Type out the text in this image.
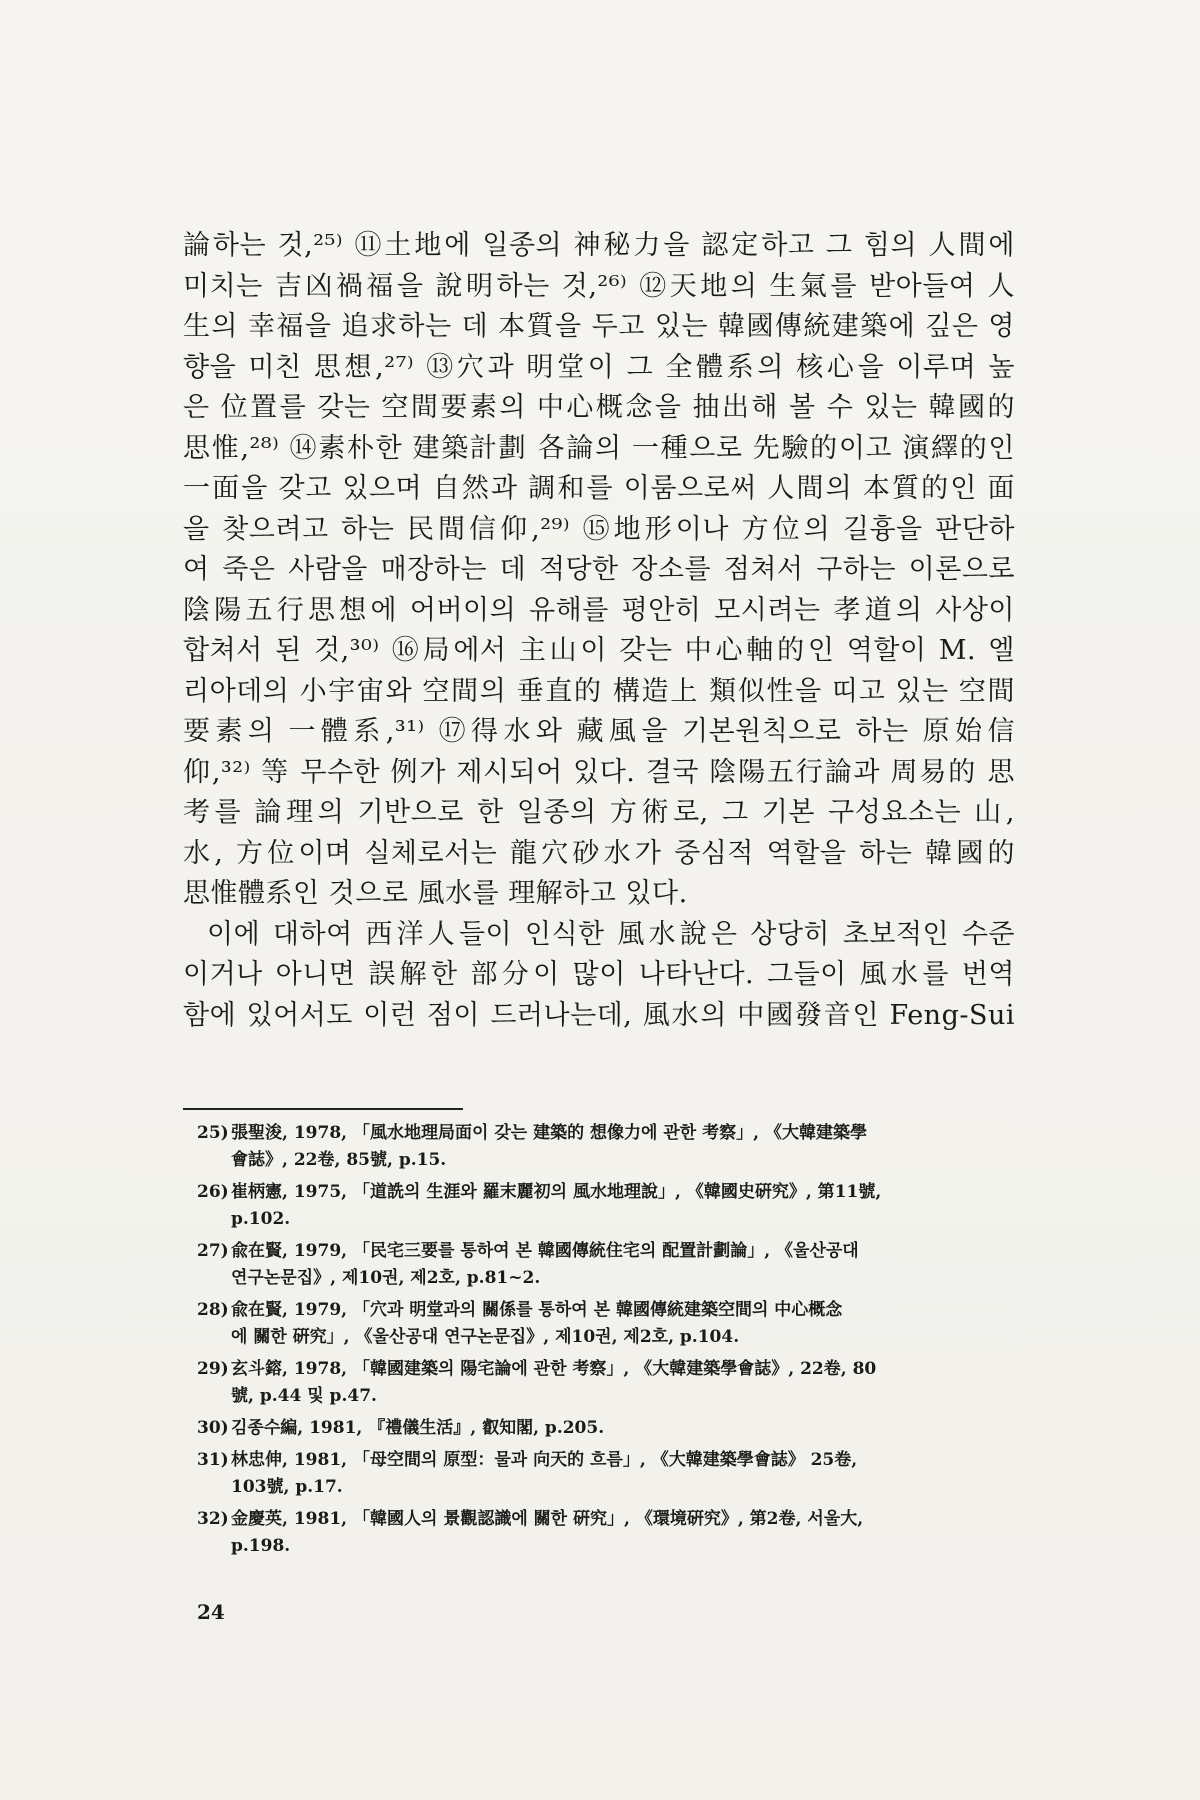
論하는 것,²⁵⁾ ⑪土地에 일종의 神秘力을 認定하고 그 힘의 人間에
미치는 吉凶禍福을 說明하는 것,²⁶⁾ ⑫天地의 生氣를 받아들여 人
生의 幸福을 追求하는 데 本質을 두고 있는 韓國傳統建築에 깊은 영
향을 미친 思想,²⁷⁾ ⑬穴과 明堂이 그 全體系의 核心을 이루며 높
은 位置를 갖는 空間要素의 中心概念을 抽出해 볼 수 있는 韓國的
思惟,²⁸⁾ ⑭素朴한 建築計劃 各論의 一種으로 先驗的이고 演繹的인
一面을 갖고 있으며 自然과 調和를 이룸으로써 人間의 本質的인 面
을 찾으려고 하는 民間信仰,²⁹⁾ ⑮地形이나 方位의 길흉을 판단하
여 죽은 사람을 매장하는 데 적당한 장소를 점쳐서 구하는 이론으로
陰陽五行思想에 어버이의 유해를 평안히 모시려는 孝道의 사상이
합쳐서 된 것,³⁰⁾ ⑯局에서 主山이 갖는 中心軸的인 역할이 M. 엘
리아데의 小宇宙와 空間의 垂直的 構造上 類似性을 띠고 있는 空間
要素의 一體系,³¹⁾ ⑰得水와 藏風을 기본원칙으로 하는 原始信
仰,³²⁾ 等 무수한 例가 제시되어 있다. 결국 陰陽五行論과 周易的 思
考를 論理의 기반으로 한 일종의 方術로, 그 기본 구성요소는 山,
水, 方位이며 실체로서는 龍穴砂水가 중심적 역할을 하는 韓國的
思惟體系인 것으로 風水를 理解하고 있다.
이에 대하여 西洋人들이 인식한 風水說은 상당히 초보적인 수준
이거나 아니면 誤解한 部分이 많이 나타난다. 그들이 風水를 번역
함에 있어서도 이런 점이 드러나는데, 風水의 中國發音인 Feng-Sui
25) 張聖浚, 1978, 「風水地理局面이 갖는 建築的 想像力에 관한 考察」, 《大韓建築學
會誌》, 22卷, 85號, p.15.
26) 崔柄憲, 1975, 「道詵의 生涯와 羅末麗初의 風水地理說」, 《韓國史硏究》, 第11號,
p.102.
27) 兪在賢, 1979, 「民宅三要를 통하여 본 韓國傳統住宅의 配置計劃論」, 《울산공대
연구논문집》, 제10권, 제2호, p.81~2.
28) 兪在賢, 1979, 「穴과 明堂과의 關係를 통하여 본 韓國傳統建築空間의 中心概念
에 關한 硏究」, 《울산공대 연구논문집》, 제10권, 제2호, p.104.
29) 玄斗鎔, 1978, 「韓國建築의 陽宅論에 관한 考察」, 《大韓建築學會誌》, 22卷, 80
號, p.44 및 p.47.
30) 김종수編, 1981, 『禮儀生活』, 叡知閣, p.205.
31) 林忠伸, 1981, 「母空間의 原型：물과 向天的 흐름」, 《大韓建築學會誌》 25卷,
103號, p.17.
32) 金慶英, 1981, 「韓國人의 景觀認識에 關한 硏究」, 《環境硏究》, 第2卷, 서울大,
p.198.
24
